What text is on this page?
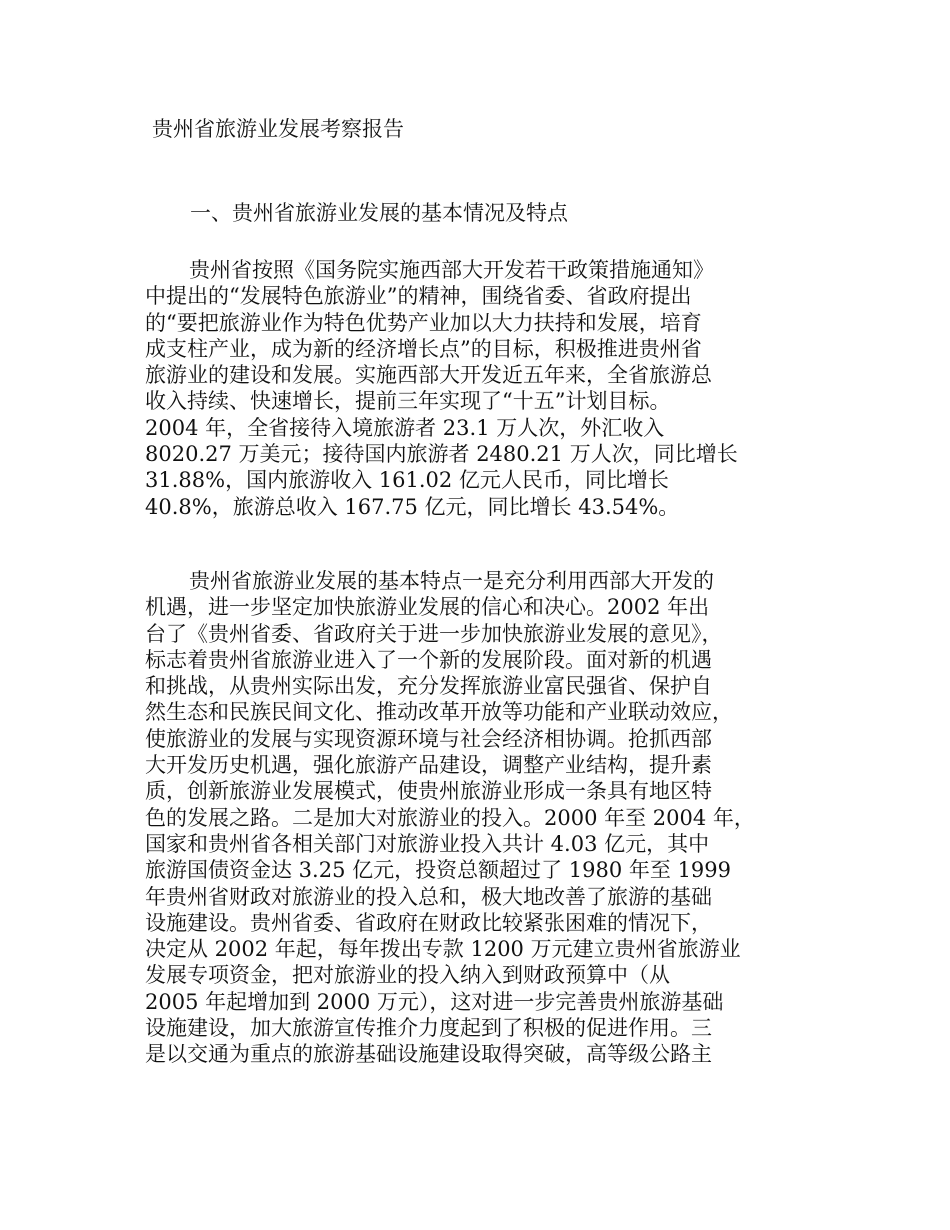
贵州省旅游业发展考察报告
一、贵州省旅游业发展的基本情况及特点
贵州省按照《国务院实施西部大开发若干政策措施通知》
中提出的“发展特色旅游业”的精神，围绕省委、省政府提出
的“要把旅游业作为特色优势产业加以大力扶持和发展，培育
成支柱产业，成为新的经济增长点”的目标，积极推进贵州省
旅游业的建设和发展。实施西部大开发近五年来，全省旅游总
收入持续、快速增长，提前三年实现了“十五”计划目标。
2004 年，全省接待入境旅游者 23.1 万人次，外汇收入
8020.27 万美元；接待国内旅游者 2480.21 万人次，同比增长
31.88%，国内旅游收入 161.02 亿元人民币，同比增长
40.8%，旅游总收入 167.75 亿元，同比增长 43.54%。
贵州省旅游业发展的基本特点一是充分利用西部大开发的
机遇，进一步坚定加快旅游业发展的信心和决心。2002 年出
台了《贵州省委、省政府关于进一步加快旅游业发展的意见》，
标志着贵州省旅游业进入了一个新的发展阶段。面对新的机遇
和挑战，从贵州实际出发，充分发挥旅游业富民强省、保护自
然生态和民族民间文化、推动改革开放等功能和产业联动效应，
使旅游业的发展与实现资源环境与社会经济相协调。抢抓西部
大开发历史机遇，强化旅游产品建设，调整产业结构，提升素
质，创新旅游业发展模式，使贵州旅游业形成一条具有地区特
色的发展之路。二是加大对旅游业的投入。2000 年至 2004 年，
国家和贵州省各相关部门对旅游业投入共计 4.03 亿元，其中
旅游国债资金达 3.25 亿元，投资总额超过了 1980 年至 1999
年贵州省财政对旅游业的投入总和，极大地改善了旅游的基础
设施建设。贵州省委、省政府在财政比较紧张困难的情况下，
决定从 2002 年起，每年拨出专款 1200 万元建立贵州省旅游业
发展专项资金，把对旅游业的投入纳入到财政预算中（从
2005 年起增加到 2000 万元），这对进一步完善贵州旅游基础
设施建设，加大旅游宣传推介力度起到了积极的促进作用。三
是以交通为重点的旅游基础设施建设取得突破，高等级公路主
